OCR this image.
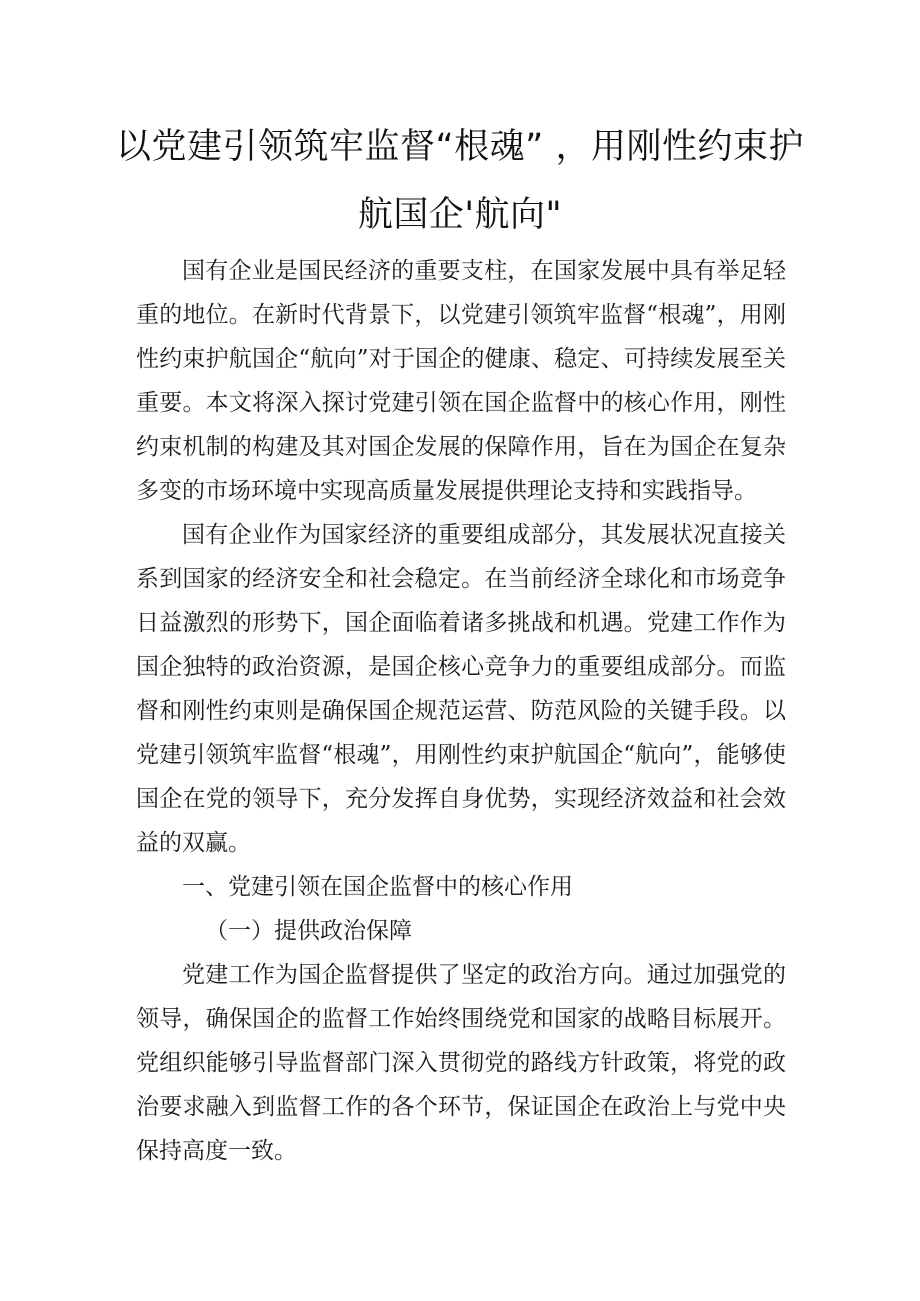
以党建引领筑牢监督“根魂” ，用刚性约束护
航国企'航向"

国有企业是国民经济的重要支柱，在国家发展中具有举足轻重的地位。在新时代背景下，以党建引领筑牢监督“根魂”，用刚性约束护航国企“航向”对于国企的健康、稳定、可持续发展至关重要。本文将深入探讨党建引领在国企监督中的核心作用，刚性约束机制的构建及其对国企发展的保障作用，旨在为国企在复杂多变的市场环境中实现高质量发展提供理论支持和实践指导。

国有企业作为国家经济的重要组成部分，其发展状况直接关系到国家的经济安全和社会稳定。在当前经济全球化和市场竞争日益激烈的形势下，国企面临着诸多挑战和机遇。党建工作作为国企独特的政治资源，是国企核心竞争力的重要组成部分。而监督和刚性约束则是确保国企规范运营、防范风险的关键手段。以党建引领筑牢监督“根魂”，用刚性约束护航国企“航向”，能够使国企在党的领导下，充分发挥自身优势，实现经济效益和社会效益的双赢。

一、党建引领在国企监督中的核心作用

（一）提供政治保障

党建工作为国企监督提供了坚定的政治方向。通过加强党的领导，确保国企的监督工作始终围绕党和国家的战略目标展开。党组织能够引导监督部门深入贯彻党的路线方针政策，将党的政治要求融入到监督工作的各个环节，保证国企在政治上与党中央保持高度一致。
